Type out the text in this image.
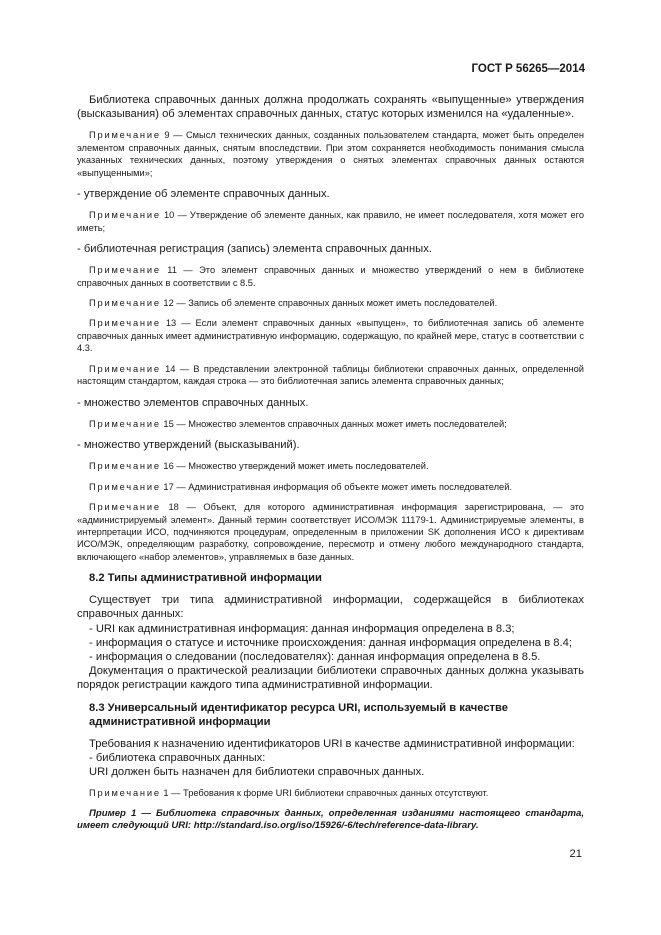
ГОСТ Р 56265—2014

Библиотека справочных данных должна продолжать сохранять «выпущенные» утверждения (высказывания) об элементах справочных данных, статус которых изменился на «удаленные».

Примечание 9 — Смысл технических данных, созданных пользователем стандарта, может быть определен элементом справочных данных, снятым впоследствии. При этом сохраняется необходимость понимания смысла указанных технических данных, поэтому утверждения о снятых элементах справочных данных остаются «выпущенными»;

- утверждение об элементе справочных данных.

Примечание 10 — Утверждение об элементе данных, как правило, не имеет последователя, хотя может его иметь;

- библиотечная регистрация (запись) элемента справочных данных.

Примечание 11 — Это элемент справочных данных и множество утверждений о нем в библиотеке справочных данных в соответствии с 8.5.

Примечание 12 — Запись об элементе справочных данных может иметь последователей.

Примечание 13 — Если элемент справочных данных «выпущен», то библиотечная запись об элементе справочных данных имеет административную информацию, содержащую, по крайней мере, статус в соответствии с 4.3.

Примечание 14 — В представлении электронной таблицы библиотеки справочных данных, определенной настоящим стандартом, каждая строка — это библиотечная запись элемента справочных данных;

- множество элементов справочных данных.

Примечание 15 — Множество элементов справочных данных может иметь последователей;

- множество утверждений (высказываний).

Примечание 16 — Множество утверждений может иметь последователей.

Примечание 17 — Административная информация об объекте может иметь последователей.

Примечание 18 — Объект, для которого административная информация зарегистрирована, — это «администрируемый элемент». Данный термин соответствует ИСО/МЭК 11179-1. Администрируемые элементы, в интерпретации ИСО, подчиняются процедурам, определенным в приложении SK дополнения ИСО к директивам ИСО/МЭК, определяющим разработку, сопровождение, пересмотр и отмену любого международного стандарта, включающего «набор элементов», управляемых в базе данных.

8.2 Типы административной информации

Существует три типа административной информации, содержащейся в библиотеках справочных данных:

- URI как административная информация: данная информация определена в 8.3;

- информация о статусе и источнике происхождения: данная информация определена в 8.4;

- информация о следовании (последователях): данная информация определена в 8.5.

Документация о практической реализации библиотеки справочных данных должна указывать порядок регистрации каждого типа административной информации.

8.3 Универсальный идентификатор ресурса URI, используемый в качестве
административной информации

Требования к назначению идентификаторов URI в качестве административной информации:

- библиотека справочных данных:

URI должен быть назначен для библиотеки справочных данных.

Примечание 1 — Требования к форме URI библиотеки справочных данных отсутствуют.

Пример 1 — Библиотека справочных данных, определенная изданиями настоящего стандарта, имеет следующий URI: http://standard.iso.org/iso/15926/-6/tech/reference-data-library.

21
